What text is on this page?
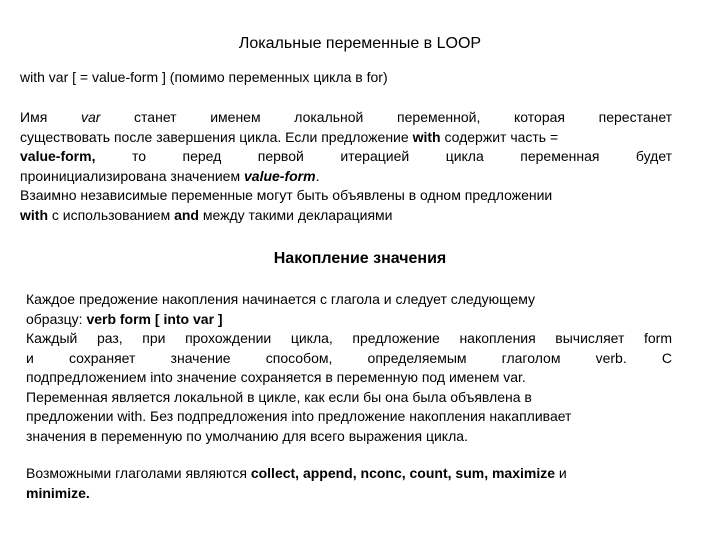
Локальные переменные в LOOP
with var [ = value-form ] (помимо переменных цикла в for)
Имя var станет именем локальной переменной, которая перестанет
существовать после завершения цикла. Если предложение with содержит часть =
value-form,	то	перед	первой	итерацией	цикла	переменная	будет
проинициализирована значением value-form.
Взаимно независимые переменные могут быть объявлены в одном предложении
with с использованием and между такими декларациями
Накопление значения
Каждое предожение накопления начинается с глагола и следует следующему
образцу: verb form [ into var ]
Каждый раз, при прохождении цикла, предложение накопления вычисляет form
и сохраняет значение способом, определяемым глаголом verb. С
подпредложением into значение сохраняется в переменную под именем var.
Переменная является локальной в цикле, как если бы она была объявлена в
предложении with. Без подпредложения into предложение накопления накапливает
значения в переменную по умолчанию для всего выражения цикла.
Возможными глаголами являются collect, append, nconc, count, sum, maximize и
minimize.
